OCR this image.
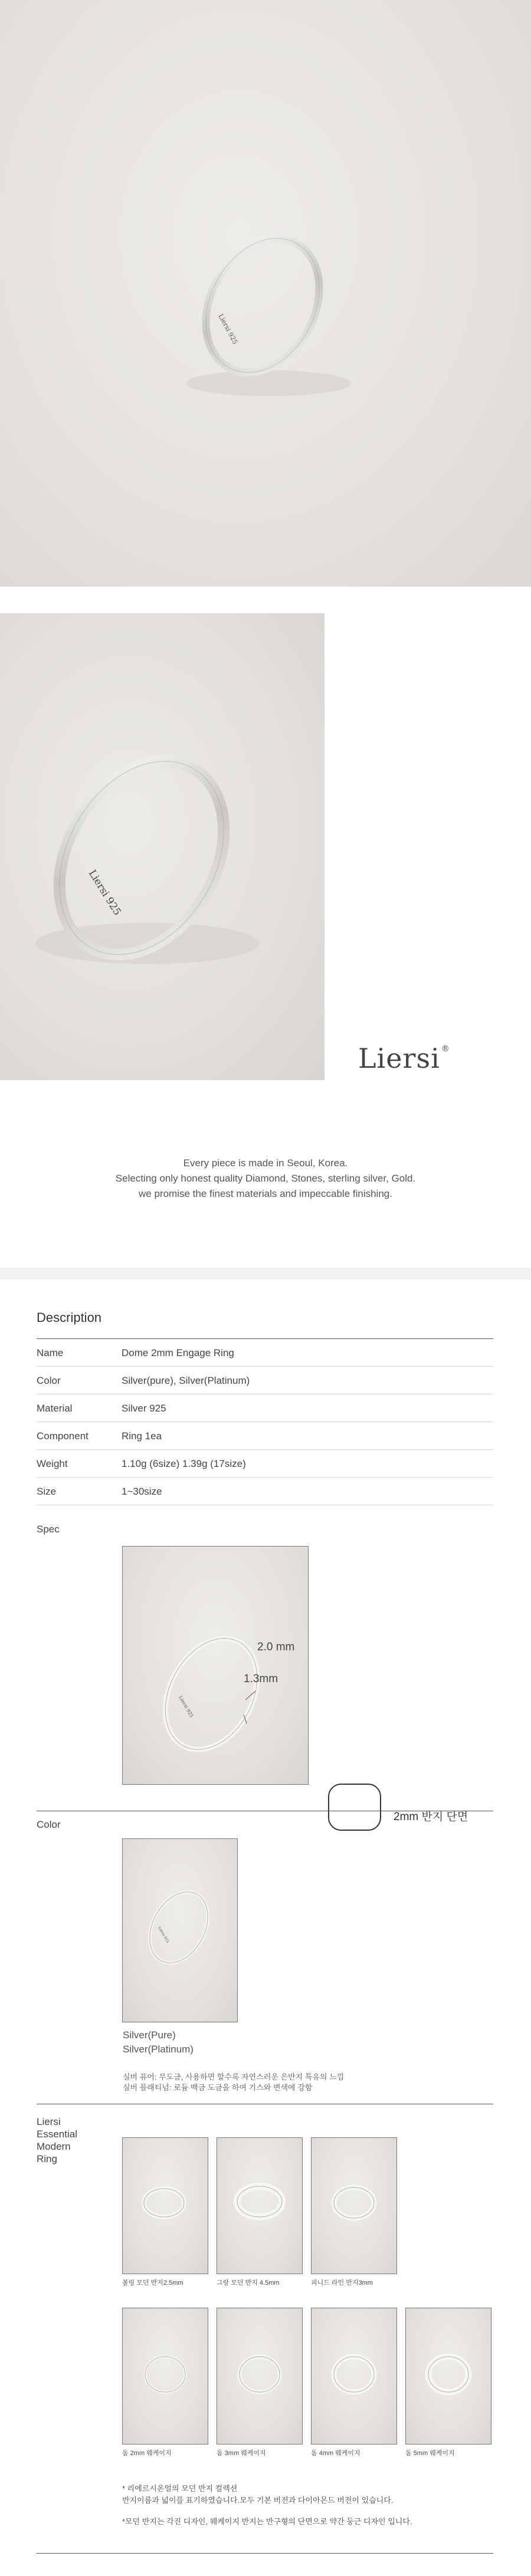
Liersi 925
Liersi 925
Liersi ®
Every piece is made in Seoul, Korea.
Selecting only honest quality Diamond, Stones, sterling silver, Gold.
we promise the finest materials and impeccable finishing.
Description
Name	Dome 2mm Engage Ring
Color	Silver(pure), Silver(Platinum)
Material	Silver 925
Component	Ring 1ea
Weight	1.10g (6size) 1.39g (17size)
Size	1~30size
Spec
Liersi 925
2.0 mm
1.3mm
2mm 반지 단면
Color
Liersi 925
Silver(Pure)
Silver(Platinum)
실버 퓨어: 무도금, 사용하면 할수록 자연스러운 은반지 특유의 느낌
실버 플래티넘: 로듐 백금 도금을 하여 기스와 변색에 강함
Liersi
Essential
Modern
Ring
볼링 모던 반지2.5mm	그랑 모던 반지 4.5mm	피니드 라인 반지3mm
돔 2mm 웨케이지	돔 3mm 웨케이지	돔 4mm 웨케이지	돔 5mm 웨케이지
* 리에르시온얼의 모던 반지 컬렉션
반지이름과 넓이를 표기하였습니다.모두 기본 버전과 다이아몬드 버전이 있습니다.
*모던 반지는 각진 디자인, 웨케이지 반지는 반구형의 단면으로 약간 둥근 디자인 입니다.
